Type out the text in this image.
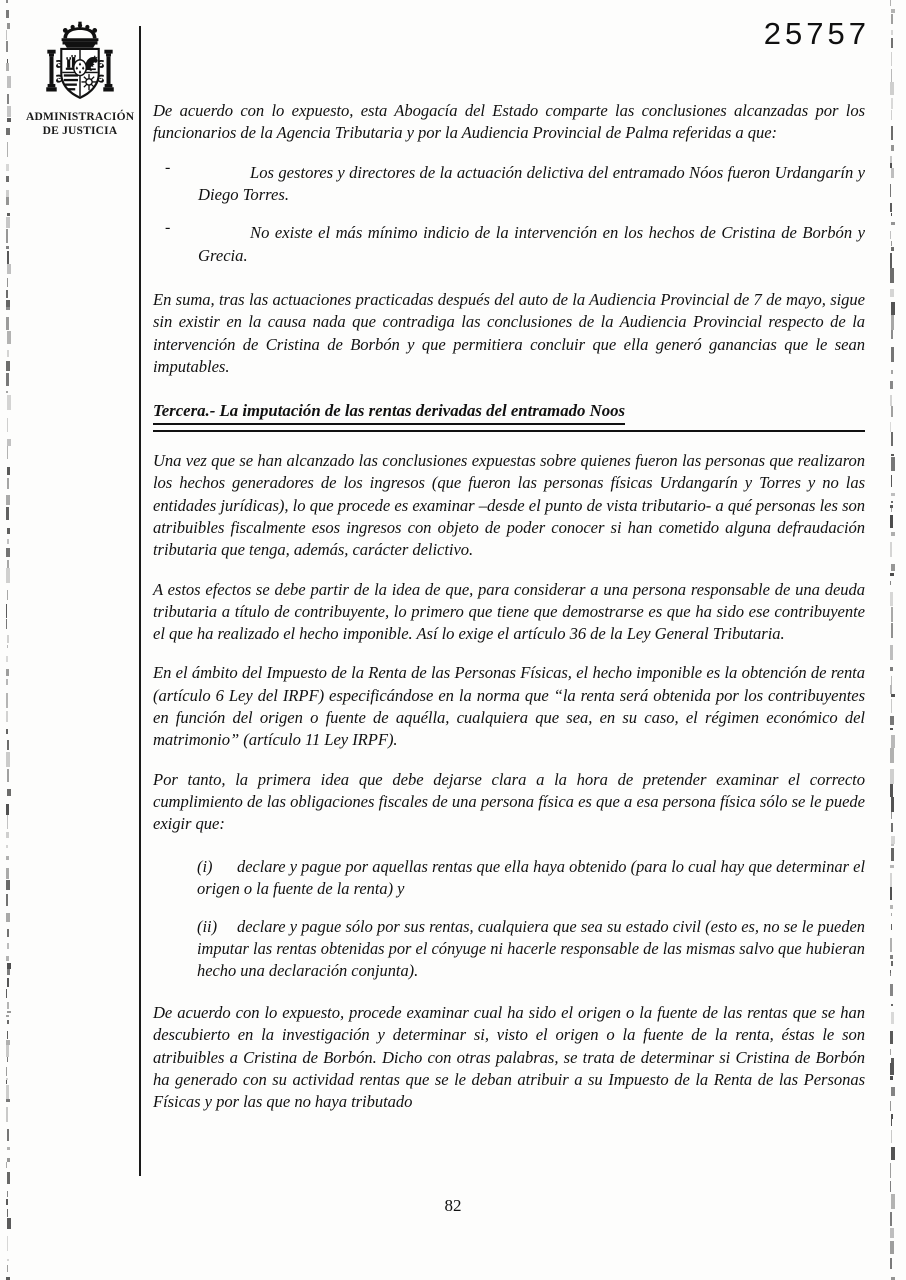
ADMINISTRACIÓN
DE JUSTICIA
25757

De acuerdo con lo expuesto, esta Abogacía del Estado comparte las conclusiones alcanzadas por los funcionarios de la Agencia Tributaria y por la Audiencia Provincial de Palma referidas a que:

-	Los gestores y directores de la actuación delictiva del entramado Nóos fueron Urdangarín y Diego Torres.

-	No existe el más mínimo indicio de la intervención en los hechos de Cristina de Borbón y Grecia.

En suma, tras las actuaciones practicadas después del auto de la Audiencia Provincial de 7 de mayo, sigue sin existir en la causa nada que contradiga las conclusiones de la Audiencia Provincial respecto de la intervención de Cristina de Borbón y que permitiera concluir que ella generó ganancias que le sean imputables.

Tercera.- La imputación de las rentas derivadas del entramado Noos

Una vez que se han alcanzado las conclusiones expuestas sobre quienes fueron las personas que realizaron los hechos generadores de los ingresos (que fueron las personas físicas Urdangarín y Torres y no las entidades jurídicas), lo que procede es examinar –desde el punto de vista tributario- a qué personas les son atribuibles fiscalmente esos ingresos con objeto de poder conocer si han cometido alguna defraudación tributaria que tenga, además, carácter delictivo.

A estos efectos se debe partir de la idea de que, para considerar a una persona responsable de una deuda tributaria a título de contribuyente, lo primero que tiene que demostrarse es que ha sido ese contribuyente el que ha realizado el hecho imponible. Así lo exige el artículo 36 de la Ley General Tributaria.

En el ámbito del Impuesto de la Renta de las Personas Físicas, el hecho imponible es la obtención de renta (artículo 6 Ley del IRPF) especificándose en la norma que “la renta será obtenida por los contribuyentes en función del origen o fuente de aquélla, cualquiera que sea, en su caso, el régimen económico del matrimonio” (artículo 11 Ley IRPF).

Por tanto, la primera idea que debe dejarse clara a la hora de pretender examinar el correcto cumplimiento de las obligaciones fiscales de una persona física es que a esa persona física sólo se le puede exigir que:

(i) declare y pague por aquellas rentas que ella haya obtenido (para lo cual hay que determinar el origen o la fuente de la renta) y

(ii) declare y pague sólo por sus rentas, cualquiera que sea su estado civil (esto es, no se le pueden imputar las rentas obtenidas por el cónyuge ni hacerle responsable de las mismas salvo que hubieran hecho una declaración conjunta).

De acuerdo con lo expuesto, procede examinar cual ha sido el origen o la fuente de las rentas que se han descubierto en la investigación y determinar si, visto el origen o la fuente de la renta, éstas le son atribuibles a Cristina de Borbón. Dicho con otras palabras, se trata de determinar si Cristina de Borbón ha generado con su actividad rentas que se le deban atribuir a su Impuesto de la Renta de las Personas Físicas y por las que no haya tributado

82
